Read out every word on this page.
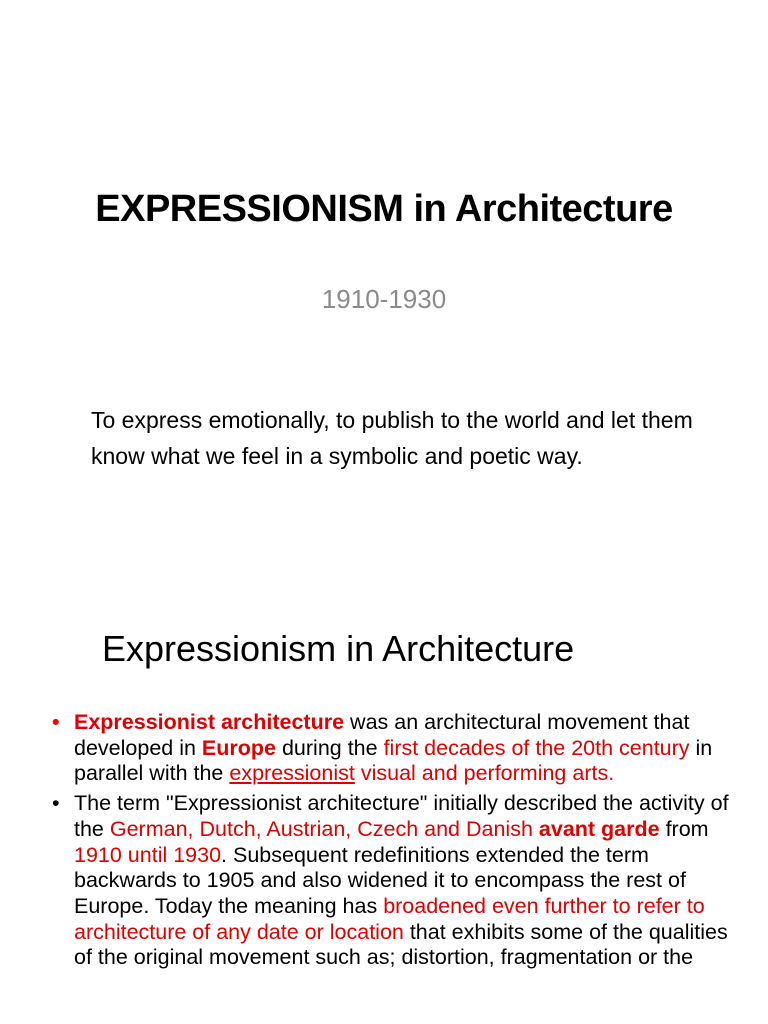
EXPRESSIONISM in Architecture
1910-1930
To express emotionally, to publish to the world and let them know what we feel in a symbolic and poetic way.
Expressionism in Architecture
• Expressionist architecture was an architectural movement that developed in Europe during the first decades of the 20th century in parallel with the expressionist visual and performing arts.
• The term "Expressionist architecture" initially described the activity of the German, Dutch, Austrian, Czech and Danish avant garde from 1910 until 1930. Subsequent redefinitions extended the term backwards to 1905 and also widened it to encompass the rest of Europe. Today the meaning has broadened even further to refer to architecture of any date or location that exhibits some of the qualities of the original movement such as; distortion, fragmentation or the
